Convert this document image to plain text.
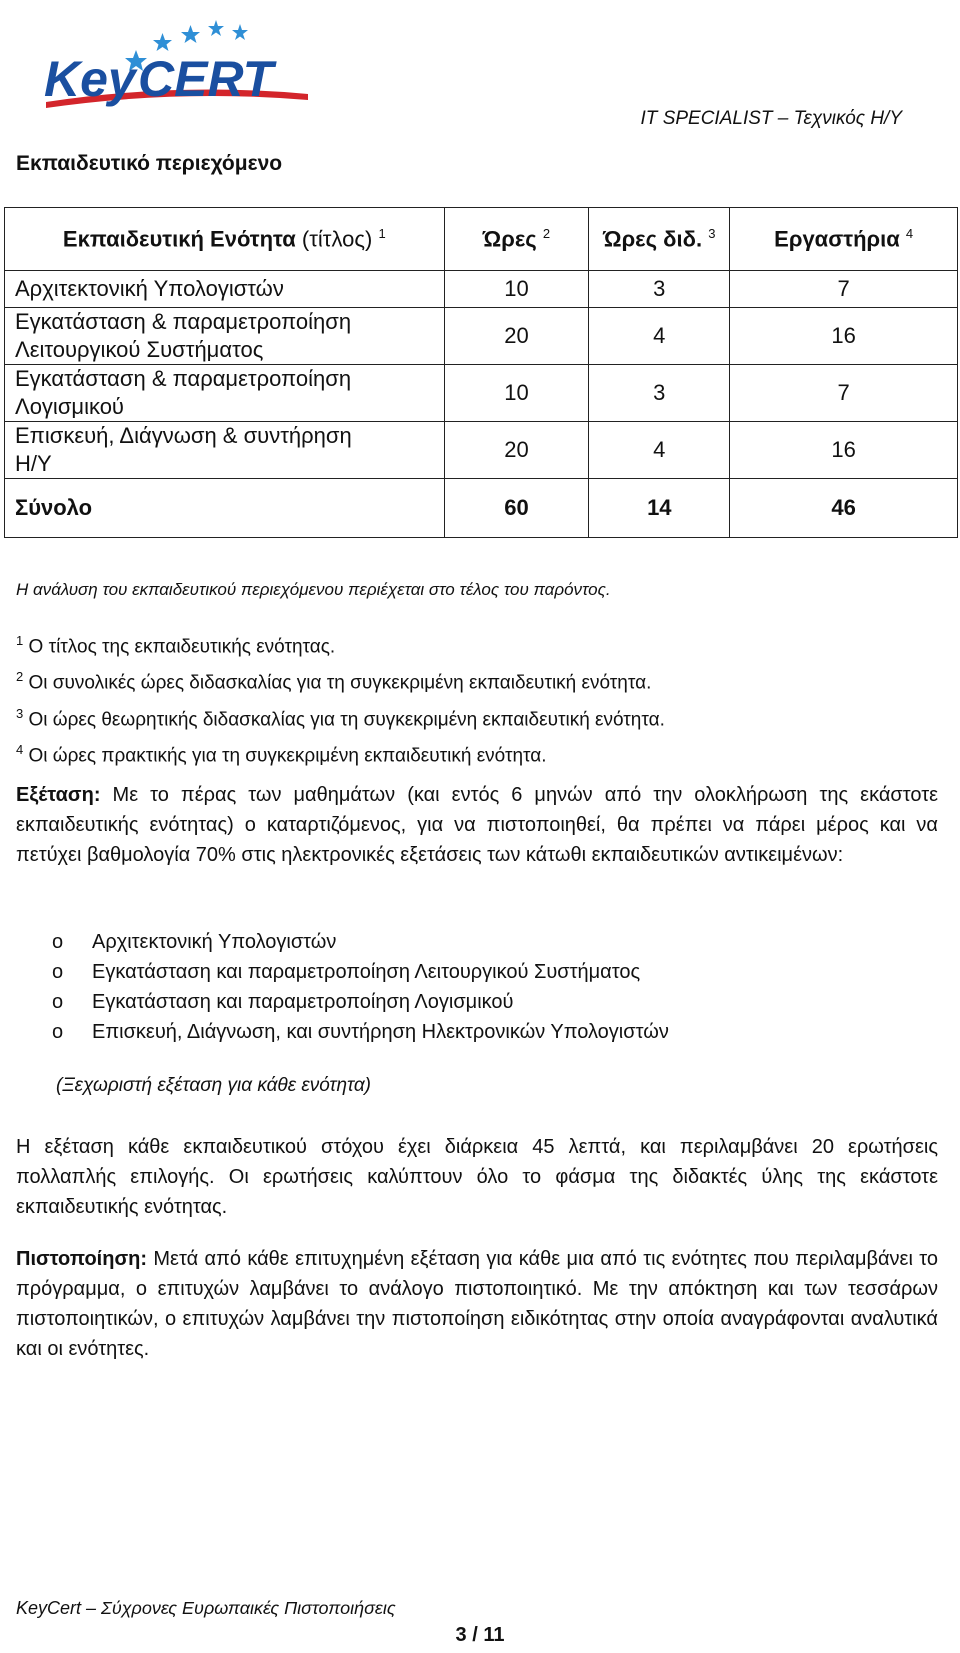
Key CERT
IT SPECIALIST – Τεχνικός Η/Υ
Εκπαιδευτικό περιεχόμενο
Εκπαιδευτική Ενότητα (τίτλος) $^1$	Ώρες $^2$	Ώρες διδ. $^3$	Εργαστήρια $^4$
Αρχιτεκτονική Υπολογιστών	10	3	7

Εγκατάσταση & παραμετροποίηση
Λειτουργικού Συστήματος	20	4	16

Εγκατάσταση & παραμετροποίηση
Λογισμικού	10	3	7

Επισκευή, Διάγνωση & συντήρηση
Η/Υ	20	4	16
Σύνολο	60	14	46
Η ανάλυση του εκπαιδευτικού περιεχόμενου περιέχεται στο τέλος του παρόντος.
$^1$ Ο τίτλος της εκπαιδευτικής ενότητας.
$^2$ Οι συνολικές ώρες διδασκαλίας για τη συγκεκριμένη εκπαιδευτική ενότητα.
$^3$ Οι ώρες θεωρητικής διδασκαλίας για τη συγκεκριμένη εκπαιδευτική ενότητα.
$^4$ Οι ώρες πρακτικής για τη συγκεκριμένη εκπαιδευτική ενότητα.
Εξέταση: Με το πέρας των μαθημάτων (και εντός 6 μηνών από την ολοκλήρωση της εκάστοτε εκπαιδευτικής ενότητας) ο καταρτιζόμενος, για να πιστοποιηθεί, θα πρέπει να πάρει μέρος και να πετύχει βαθμολογία 70% στις ηλεκτρονικές εξετάσεις των κάτωθι εκπαιδευτικών αντικειμένων:
o	Αρχιτεκτονική Υπολογιστών
o	Εγκατάσταση και παραμετροποίηση Λειτουργικού Συστήματος
o	Εγκατάσταση και παραμετροποίηση Λογισμικού
o	Επισκευή, Διάγνωση, και συντήρηση Ηλεκτρονικών Υπολογιστών
(Ξεχωριστή εξέταση για κάθε ενότητα)
Η εξέταση κάθε εκπαιδευτικού στόχου έχει διάρκεια 45 λεπτά, και περιλαμβάνει 20 ερωτήσεις πολλαπλής επιλογής. Οι ερωτήσεις καλύπτουν όλο το φάσμα της διδακτές ύλης της εκάστοτε εκπαιδευτικής ενότητας.
Πιστοποίηση: Μετά από κάθε επιτυχημένη εξέταση για κάθε μια από τις ενότητες που περιλαμβάνει το πρόγραμμα, ο επιτυχών λαμβάνει το ανάλογο πιστοποιητικό. Με την απόκτηση και των τεσσάρων πιστοποιητικών, ο επιτυχών λαμβάνει την πιστοποίηση ειδικότητας στην οποία αναγράφονται αναλυτικά και οι ενότητες.
KeyCert – Σύχρονες Ευρωπαικές Πιστοποιήσεις
3 / 11
